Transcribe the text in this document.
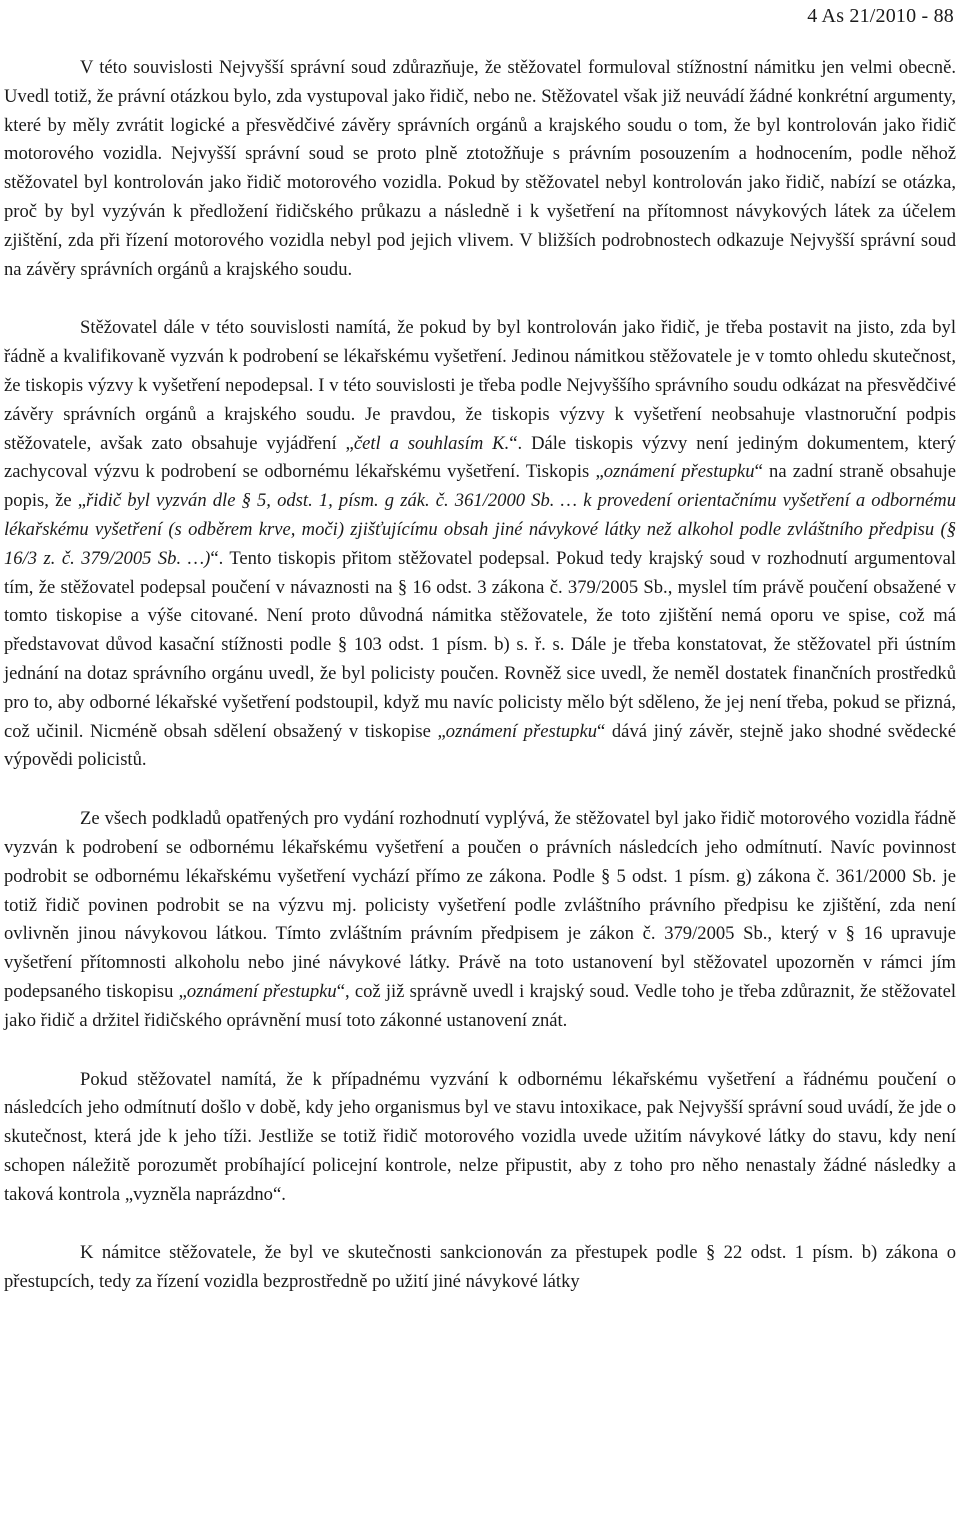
4 As 21/2010 - 88

V této souvislosti Nejvyšší správní soud zdůrazňuje, že stěžovatel formuloval stížnostní námitku jen velmi obecně. Uvedl totiž, že právní otázkou bylo, zda vystupoval jako řidič, nebo ne. Stěžovatel však již neuvádí žádné konkrétní argumenty, které by měly zvrátit logické a přesvědčivé závěry správních orgánů a krajského soudu o tom, že byl kontrolován jako řidič motorového vozidla. Nejvyšší správní soud se proto plně ztotožňuje s právním posouzením a hodnocením, podle něhož stěžovatel byl kontrolován jako řidič motorového vozidla. Pokud by stěžovatel nebyl kontrolován jako řidič, nabízí se otázka, proč by byl vyzýván k předložení řidičského průkazu a následně i k vyšetření na přítomnost návykových látek za účelem zjištění, zda při řízení motorového vozidla nebyl pod jejich vlivem. V bližších podrobnostech odkazuje Nejvyšší správní soud na závěry správních orgánů a krajského soudu.

Stěžovatel dále v této souvislosti namítá, že pokud by byl kontrolován jako řidič, je třeba postavit na jisto, zda byl řádně a kvalifikovaně vyzván k podrobení se lékařskému vyšetření. Jedinou námitkou stěžovatele je v tomto ohledu skutečnost, že tiskopis výzvy k vyšetření nepodepsal. I v této souvislosti je třeba podle Nejvyššího správního soudu odkázat na přesvědčivé závěry správních orgánů a krajského soudu. Je pravdou, že tiskopis výzvy k vyšetření neobsahuje vlastnoruční podpis stěžovatele, avšak zato obsahuje vyjádření „četl a souhlasím K.“. Dále tiskopis výzvy není jediným dokumentem, který zachycoval výzvu k podrobení se odbornému lékařskému vyšetření. Tiskopis „oznámení přestupku“ na zadní straně obsahuje popis, že „řidič byl vyzván dle § 5, odst. 1, písm. g zák. č. 361/2000 Sb. … k provedení orientačnímu vyšetření a odbornému lékařskému vyšetření (s odběrem krve, moči) zjišťujícímu obsah jiné návykové látky než alkohol podle zvláštního předpisu (§ 16/3 z. č. 379/2005 Sb. …)“. Tento tiskopis přitom stěžovatel podepsal. Pokud tedy krajský soud v rozhodnutí argumentoval tím, že stěžovatel podepsal poučení v návaznosti na § 16 odst. 3 zákona č. 379/2005 Sb., myslel tím právě poučení obsažené v tomto tiskopise a výše citované. Není proto důvodná námitka stěžovatele, že toto zjištění nemá oporu ve spise, což má představovat důvod kasační stížnosti podle § 103 odst. 1 písm. b) s. ř. s. Dále je třeba konstatovat, že stěžovatel při ústním jednání na dotaz správního orgánu uvedl, že byl policisty poučen. Rovněž sice uvedl, že neměl dostatek finančních prostředků pro to, aby odborné lékařské vyšetření podstoupil, když mu navíc policisty mělo být sděleno, že jej není třeba, pokud se přizná, což učinil. Nicméně obsah sdělení obsažený v tiskopise „oznámení přestupku“ dává jiný závěr, stejně jako shodné svědecké výpovědi policistů.

Ze všech podkladů opatřených pro vydání rozhodnutí vyplývá, že stěžovatel byl jako řidič motorového vozidla řádně vyzván k podrobení se odbornému lékařskému vyšetření a poučen o právních následcích jeho odmítnutí. Navíc povinnost podrobit se odbornému lékařskému vyšetření vychází přímo ze zákona. Podle § 5 odst. 1 písm. g) zákona č. 361/2000 Sb. je totiž řidič povinen podrobit se na výzvu mj. policisty vyšetření podle zvláštního právního předpisu ke zjištění, zda není ovlivněn jinou návykovou látkou. Tímto zvláštním právním předpisem je zákon č. 379/2005 Sb., který v § 16 upravuje vyšetření přítomnosti alkoholu nebo jiné návykové látky. Právě na toto ustanovení byl stěžovatel upozorněn v rámci jím podepsaného tiskopisu „oznámení přestupku“, což již správně uvedl i krajský soud. Vedle toho je třeba zdůraznit, že stěžovatel jako řidič a držitel řidičského oprávnění musí toto zákonné ustanovení znát.

Pokud stěžovatel namítá, že k případnému vyzvání k odbornému lékařskému vyšetření a řádnému poučení o následcích jeho odmítnutí došlo v době, kdy jeho organismus byl ve stavu intoxikace, pak Nejvyšší správní soud uvádí, že jde o skutečnost, která jde k jeho tíži. Jestliže se totiž řidič motorového vozidla uvede užitím návykové látky do stavu, kdy není schopen náležitě porozumět probíhající policejní kontrole, nelze připustit, aby z toho pro něho nenastaly žádné následky a taková kontrola „vyzněla naprázdno“.

K námitce stěžovatele, že byl ve skutečnosti sankcionován za přestupek podle § 22 odst. 1 písm. b) zákona o přestupcích, tedy za řízení vozidla bezprostředně po užití jiné návykové látky
